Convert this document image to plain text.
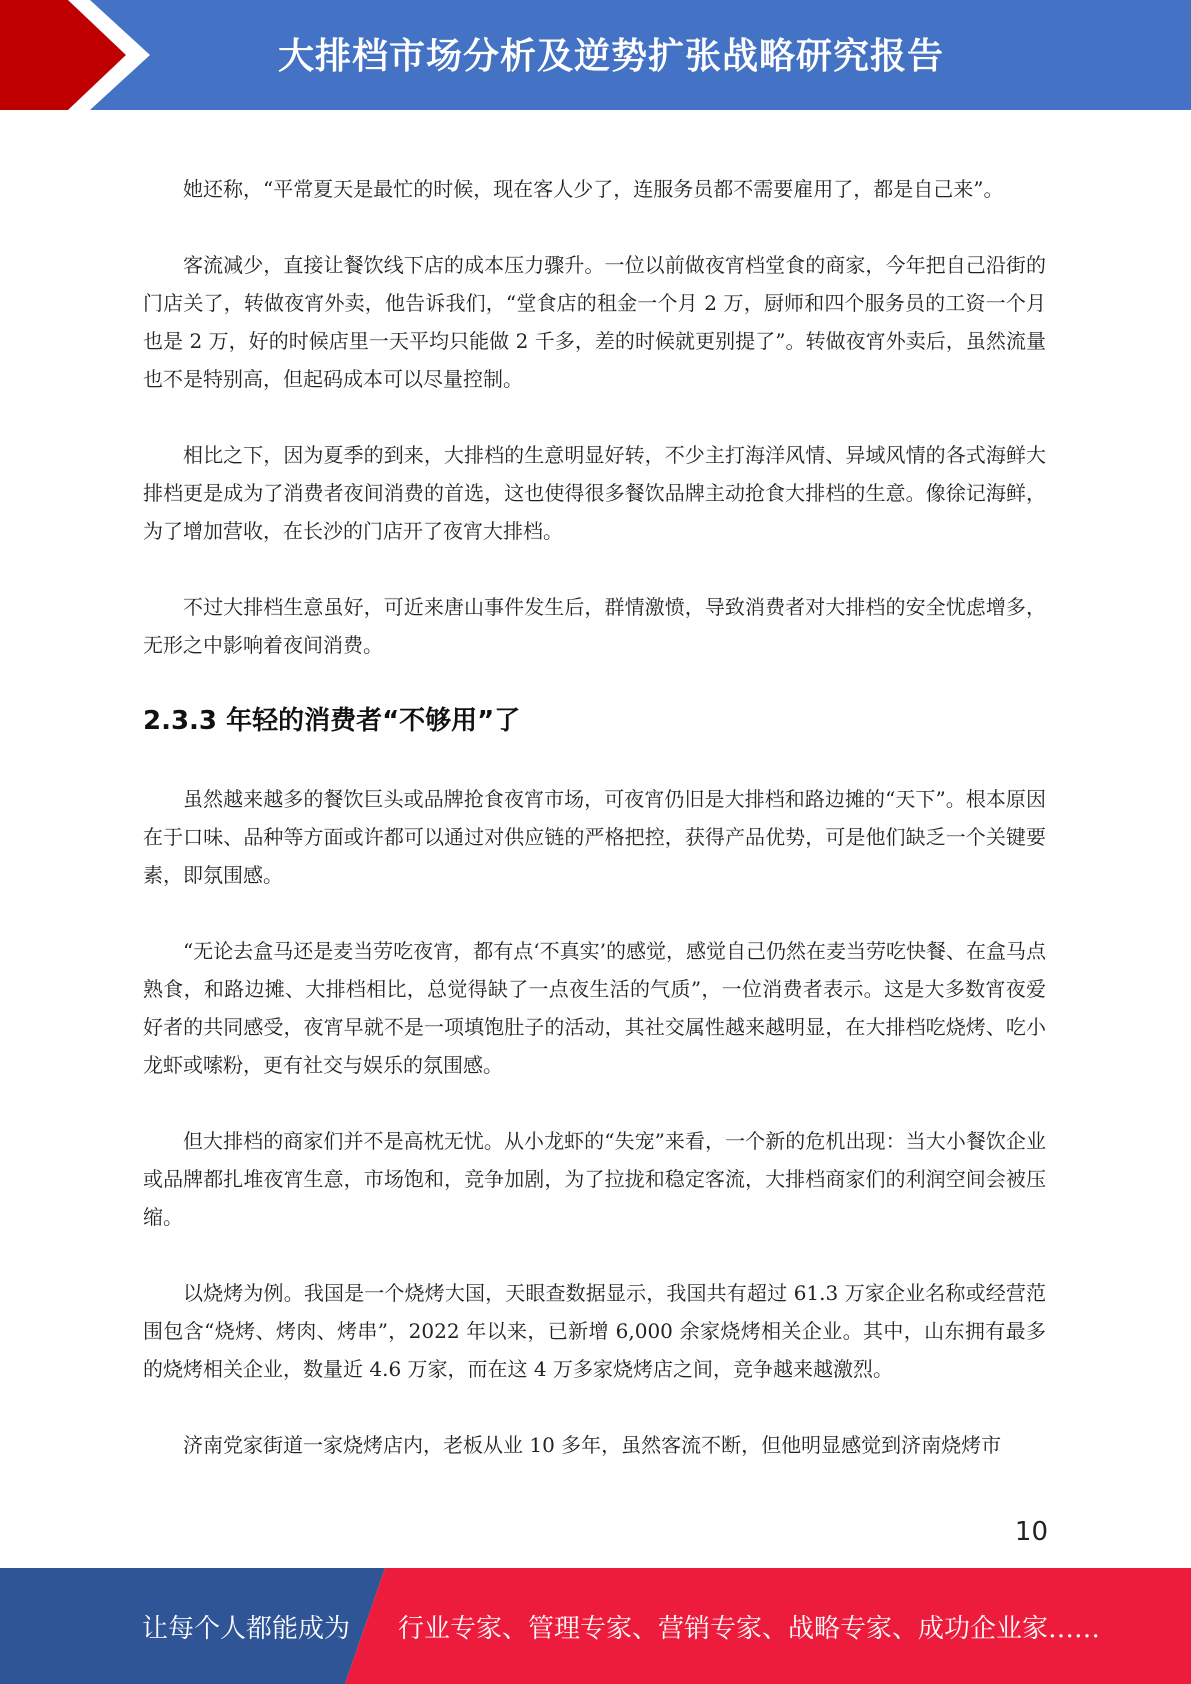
大排档市场分析及逆势扩张战略研究报告

她还称，“平常夏天是最忙的时候，现在客人少了，连服务员都不需要雇用了，都是自己来”。

客流减少，直接让餐饮线下店的成本压力骤升。一位以前做夜宵档堂食的商家，今年把自己沿街的门店关了，转做夜宵外卖，他告诉我们，“堂食店的租金一个月 2 万，厨师和四个服务员的工资一个月也是 2 万，好的时候店里一天平均只能做 2 千多，差的时候就更别提了”。转做夜宵外卖后，虽然流量也不是特别高，但起码成本可以尽量控制。

相比之下，因为夏季的到来，大排档的生意明显好转，不少主打海洋风情、异域风情的各式海鲜大排档更是成为了消费者夜间消费的首选，这也使得很多餐饮品牌主动抢食大排档的生意。像徐记海鲜，为了增加营收，在长沙的门店开了夜宵大排档。

不过大排档生意虽好，可近来唐山事件发生后，群情激愤，导致消费者对大排档的安全忧虑增多，无形之中影响着夜间消费。

2.3.3 年轻的消费者“不够用”了

虽然越来越多的餐饮巨头或品牌抢食夜宵市场，可夜宵仍旧是大排档和路边摊的“天下”。根本原因在于口味、品种等方面或许都可以通过对供应链的严格把控，获得产品优势，可是他们缺乏一个关键要素，即氛围感。

“无论去盒马还是麦当劳吃夜宵，都有点‘不真实’的感觉，感觉自己仍然在麦当劳吃快餐、在盒马点熟食，和路边摊、大排档相比，总觉得缺了一点夜生活的气质”，一位消费者表示。这是大多数宵夜爱好者的共同感受，夜宵早就不是一项填饱肚子的活动，其社交属性越来越明显，在大排档吃烧烤、吃小龙虾或嗦粉，更有社交与娱乐的氛围感。

但大排档的商家们并不是高枕无忧。从小龙虾的“失宠”来看，一个新的危机出现：当大小餐饮企业或品牌都扎堆夜宵生意，市场饱和，竞争加剧，为了拉拢和稳定客流，大排档商家们的利润空间会被压缩。

以烧烤为例。我国是一个烧烤大国，天眼查数据显示，我国共有超过 61.3 万家企业名称或经营范围包含“烧烤、烤肉、烤串”，2022 年以来，已新增 6,000 余家烧烤相关企业。其中，山东拥有最多的烧烤相关企业，数量近 4.6 万家，而在这 4 万多家烧烤店之间，竞争越来越激烈。

济南党家街道一家烧烤店内，老板从业 10 多年，虽然客流不断，但他明显感觉到济南烧烤市

10
让每个人都能成为 行业专家、管理专家、营销专家、战略专家、成功企业家……
